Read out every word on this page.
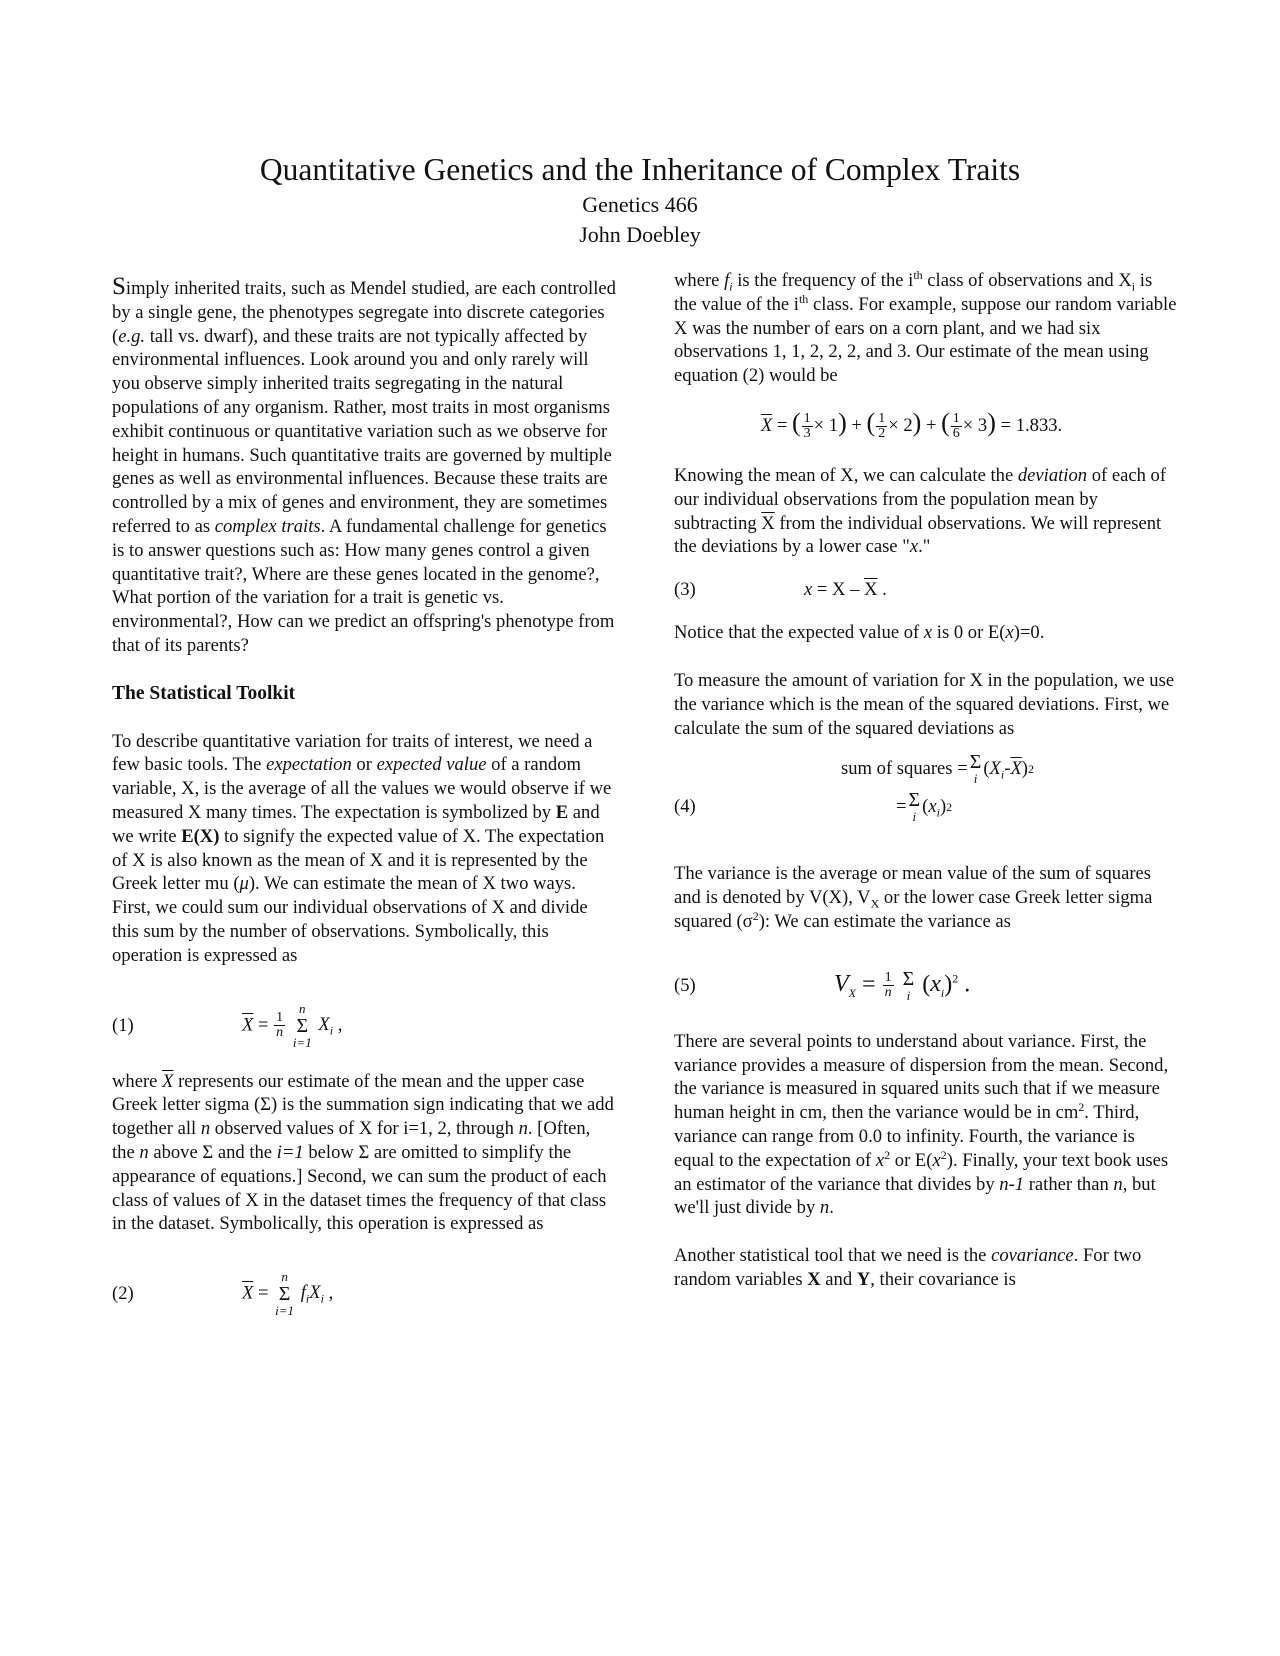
Quantitative Genetics and the Inheritance of Complex Traits
Genetics 466
John Doebley

Simply inherited traits, such as Mendel studied, are each controlled by a single gene, the phenotypes segregate into discrete categories (e.g. tall vs. dwarf), and these traits are not typically affected by environmental influences. Look around you and only rarely will you observe simply inherited traits segregating in the natural populations of any organism. Rather, most traits in most organisms exhibit continuous or quantitative variation such as we observe for height in humans. Such quantitative traits are governed by multiple genes as well as environmental influences. Because these traits are controlled by a mix of genes and environment, they are sometimes referred to as complex traits. A fundamental challenge for genetics is to answer questions such as: How many genes control a given quantitative trait?, Where are these genes located in the genome?, What portion of the variation for a trait is genetic vs. environmental?, How can we predict an offspring's phenotype from that of its parents?

The Statistical Toolkit

To describe quantitative variation for traits of interest, we need a few basic tools. The expectation or expected value of a random variable, X, is the average of all the values we would observe if we measured X many times. The expectation is symbolized by E and we write E(X) to signify the expected value of X. The expectation of X is also known as the mean of X and it is represented by the Greek letter mu (μ). We can estimate the mean of X two ways. First, we could sum our individual observations of X and divide this sum by the number of observations. Symbolically, this operation is expressed as

(1)	$\overline{X} = \frac{1}{n}$

n
Σ
i=1
$X_i$ ,

where $\overline{X}$ represents our estimate of the mean and the upper case Greek letter sigma (Σ) is the summation sign indicating that we add together all n observed values of X for i=1, 2, through n. [Often, the n above Σ and the i=1 below Σ are omitted to simplify the appearance of equations.] Second, we can sum the product of each class of values of X in the dataset times the frequency of that class in the dataset. Symbolically, this operation is expressed as

(2)	$\overline{X}$ =
n
Σ
i=1
$f_iX_i$ ,

where $f_i$ is the frequency of the $i^{th}$ class of observations and $X_i$ is the value of the $i^{th}$ class. For example, suppose our random variable X was the number of ears on a corn plant, and we had six observations 1, 1, 2, 2, 2, and 3. Our estimate of the mean using equation (2) would be

$\overline{X}$ = ( $\frac{1}{3} \times 1$) + ( $\frac{1}{2} \times 2$) + ( $\frac{1}{6} \times 3) = 1.833$.

Knowing the mean of X, we can calculate the deviation of each of our individual observations from the population mean by subtracting $\overline{X}$ from the individual observations. We will represent the deviations by a lower case "x."

(3)	$x = X - \overline{X}$ .

Notice that the expected value of x is 0 or E(x)=0.

To measure the amount of variation for X in the population, we use the variance which is the mean of the squared deviations. First, we calculate the sum of the squared deviations as

(4)
sum of squares = Σ
i ( $X_i - \overline{X}$ ) 2
= Σ
i ( $x_i$ ) 2

The variance is the average or mean value of the sum of squares and is denoted by V(X), $V_X$ or the lower case Greek letter sigma squared $(\sigma^2)$: We can estimate the variance as

(5)	$V_X = \frac{1}{n}$
Σ
i $(x_i)^2$ .

There are several points to understand about variance. First, the variance provides a measure of dispersion from the mean. Second, the variance is measured in squared units such that if we measure human height in cm, then the variance would be in $cm^2$. Third, variance can range from 0.0 to infinity. Fourth, the variance is equal to the expectation of $x^2$ or $E(x^2)$. Finally, your text book uses an estimator of the variance that divides by n-1 rather than n, but we'll just divide by n.

Another statistical tool that we need is the covariance. For two random variables X and Y, their covariance is
